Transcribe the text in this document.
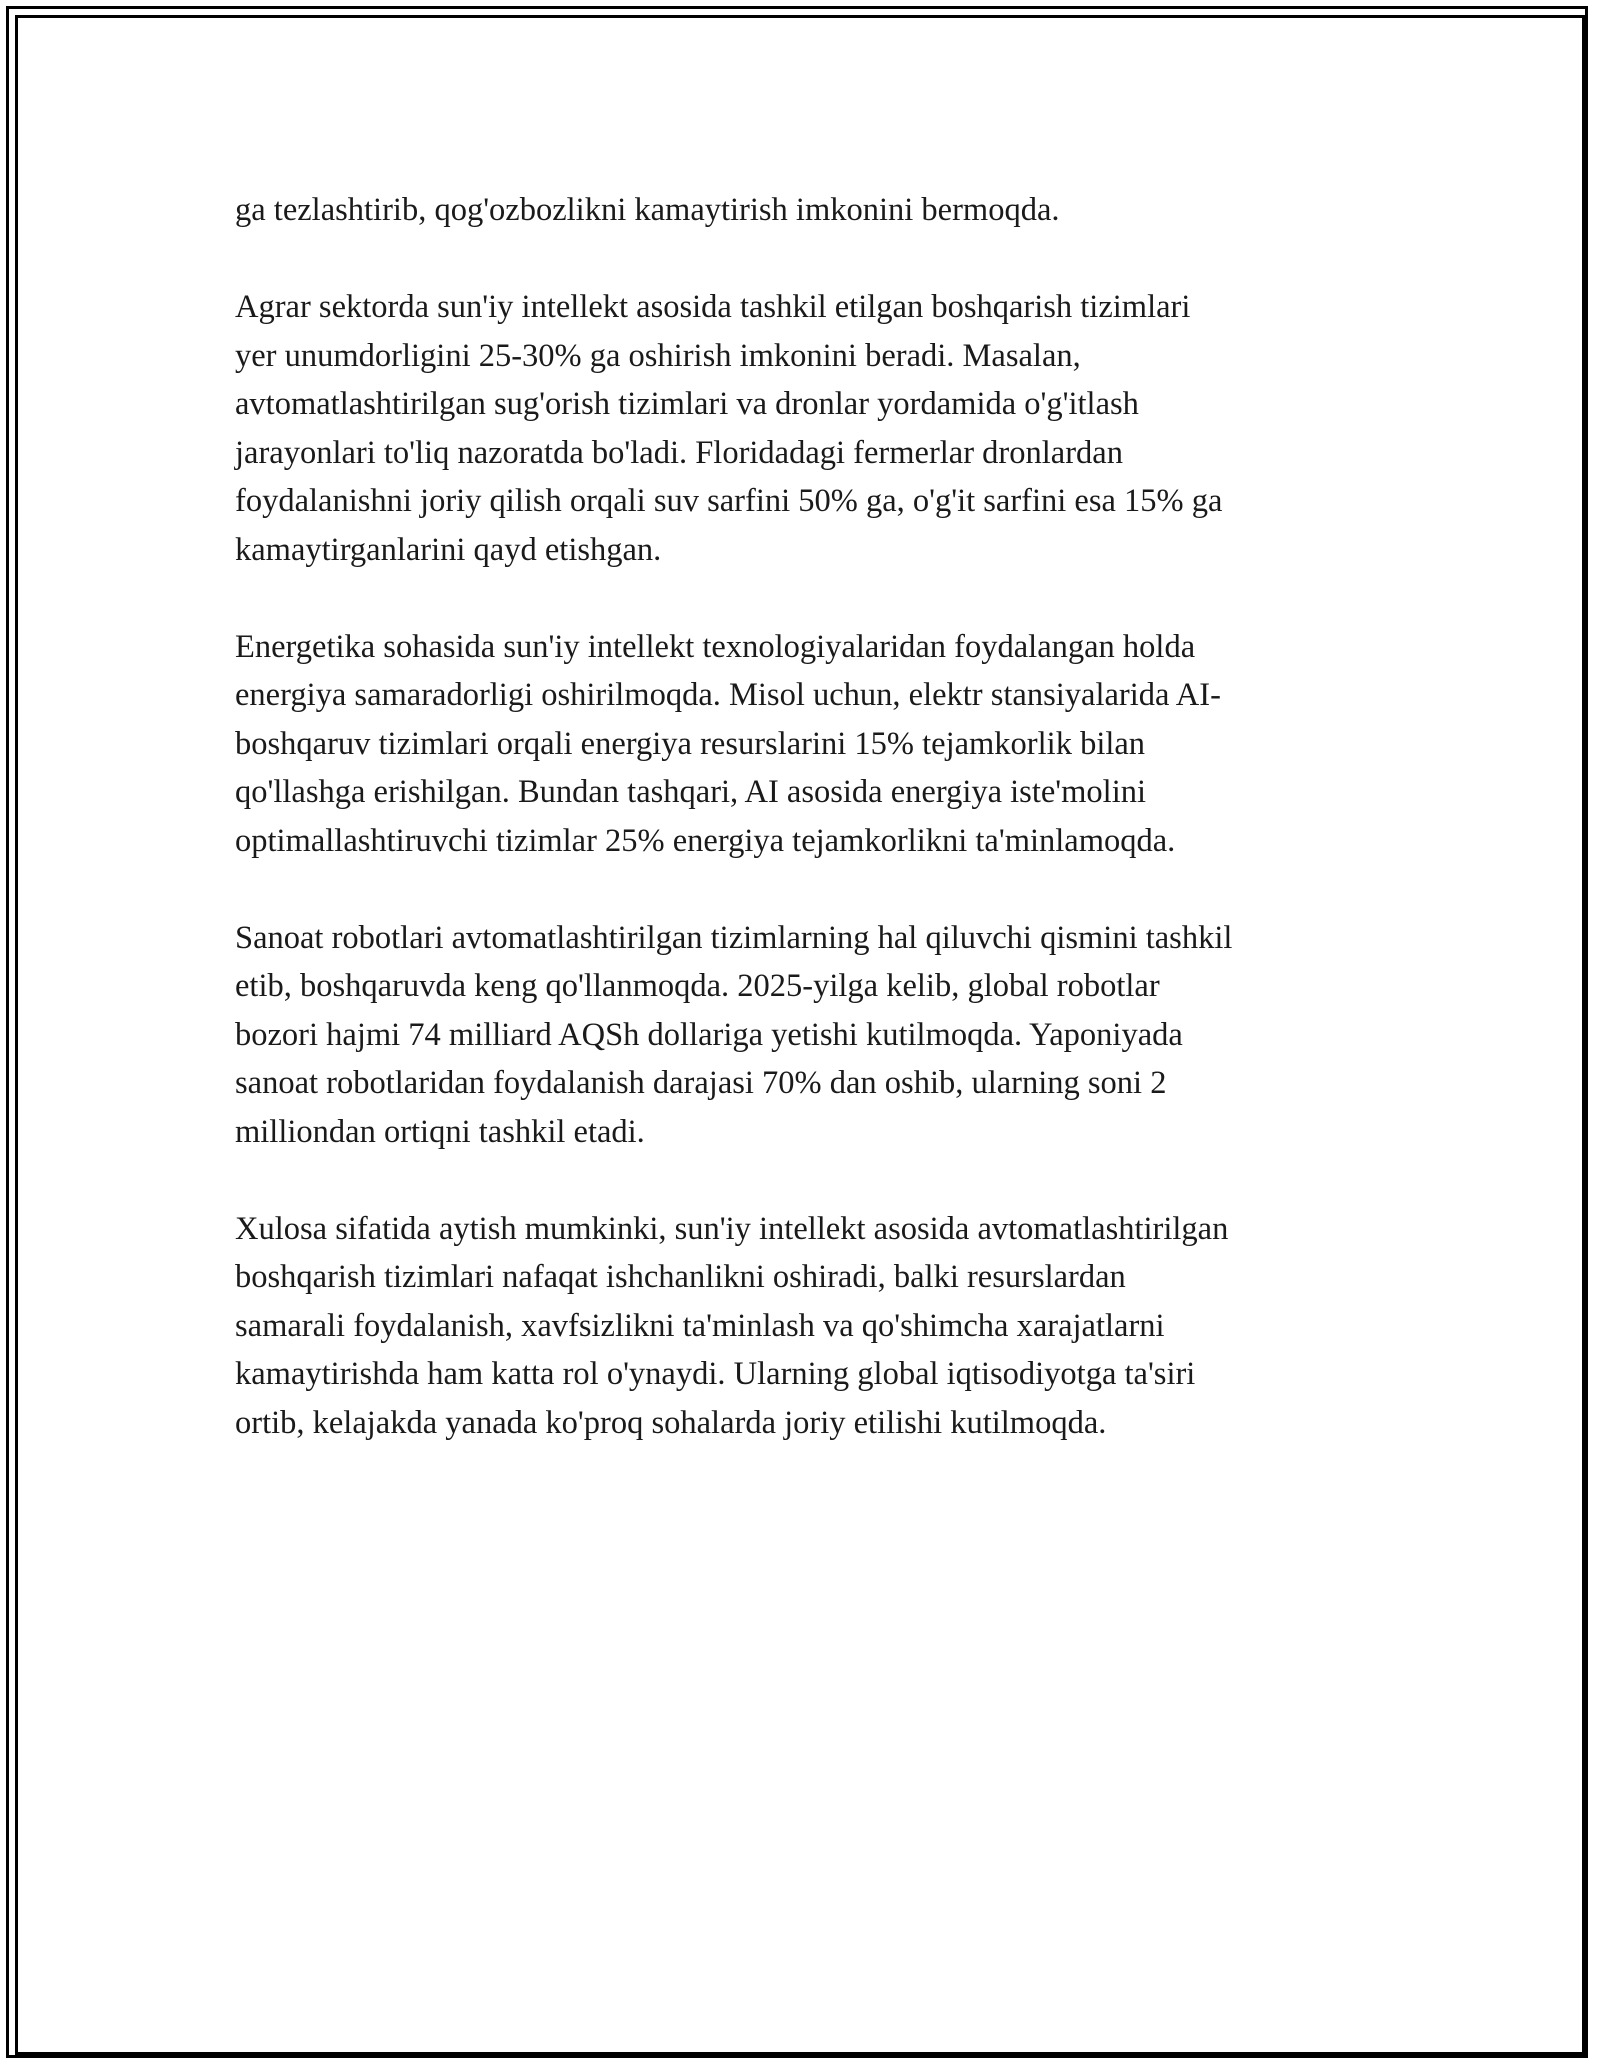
ga tezlashtirib, qog'ozbozlikni kamaytirish imkonini bermoqda.

Agrar sektorda sun'iy intellekt asosida tashkil etilgan boshqarish tizimlari
yer unumdorligini 25-30% ga oshirish imkonini beradi. Masalan,
avtomatlashtirilgan sug'orish tizimlari va dronlar yordamida o'g'itlash
jarayonlari to'liq nazoratda bo'ladi. Floridadagi fermerlar dronlardan
foydalanishni joriy qilish orqali suv sarfini 50% ga, o'g'it sarfini esa 15% ga
kamaytirganlarini qayd etishgan.

Energetika sohasida sun'iy intellekt texnologiyalaridan foydalangan holda
energiya samaradorligi oshirilmoqda. Misol uchun, elektr stansiyalarida AI-
boshqaruv tizimlari orqali energiya resurslarini 15% tejamkorlik bilan
qo'llashga erishilgan. Bundan tashqari, AI asosida energiya iste'molini
optimallashtiruvchi tizimlar 25% energiya tejamkorlikni ta'minlamoqda.

Sanoat robotlari avtomatlashtirilgan tizimlarning hal qiluvchi qismini tashkil
etib, boshqaruvda keng qo'llanmoqda. 2025-yilga kelib, global robotlar
bozori hajmi 74 milliard AQSh dollariga yetishi kutilmoqda. Yaponiyada
sanoat robotlaridan foydalanish darajasi 70% dan oshib, ularning soni 2
milliondan ortiqni tashkil etadi.

Xulosa sifatida aytish mumkinki, sun'iy intellekt asosida avtomatlashtirilgan
boshqarish tizimlari nafaqat ishchanlikni oshiradi, balki resurslardan
samarali foydalanish, xavfsizlikni ta'minlash va qo'shimcha xarajatlarni
kamaytirishda ham katta rol o'ynaydi. Ularning global iqtisodiyotga ta'siri
ortib, kelajakda yanada ko'proq sohalarda joriy etilishi kutilmoqda.
